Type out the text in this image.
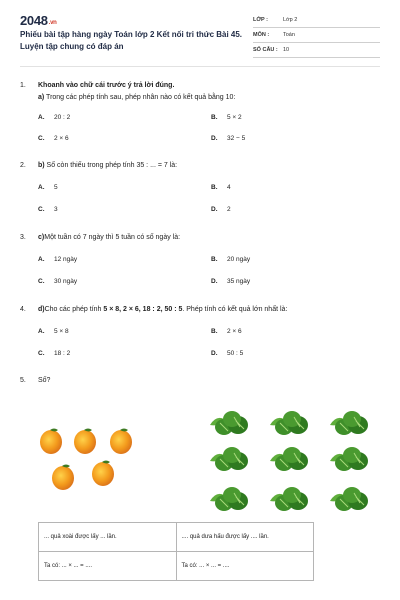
2048.vn
Phiếu bài tập hàng ngày Toán lớp 2 Kết nối tri thức Bài 45.
Luyện tập chung có đáp án
LỚP :	Lớp 2
MÔN :	Toán
SỐ CÂU : 10
1. Khoanh vào chữ cái trước ý trả lời đúng.
a) Trong các phép tính sau, phép nhân nào có kết quả bằng 10:
A. 20 : 2	B. 5 × 2
C. 2 × 6	D. 32 − 5
2. b) Số còn thiếu trong phép tính 35 : ... = 7 là:
A. 5	B. 4
C. 3	D. 2
3. c)Một tuần có 7 ngày thì 5 tuần có số ngày là:
A. 12 ngày	B. 20 ngày
C. 30 ngày	D. 35 ngày
4. d)Cho các phép tính 5 × 8, 2 × 6, 18 : 2, 50 : 5. Phép tính có kết quả lớn nhất là:
A. 5 × 8	B. 2 × 6
C. 18 : 2	D. 50 : 5
5. Số?
... quả xoài được lấy ... lần.	.... quả dưa hấu được lấy .... lần.
Ta có: ... × ... = ....	Ta có: ... × ... = ....
